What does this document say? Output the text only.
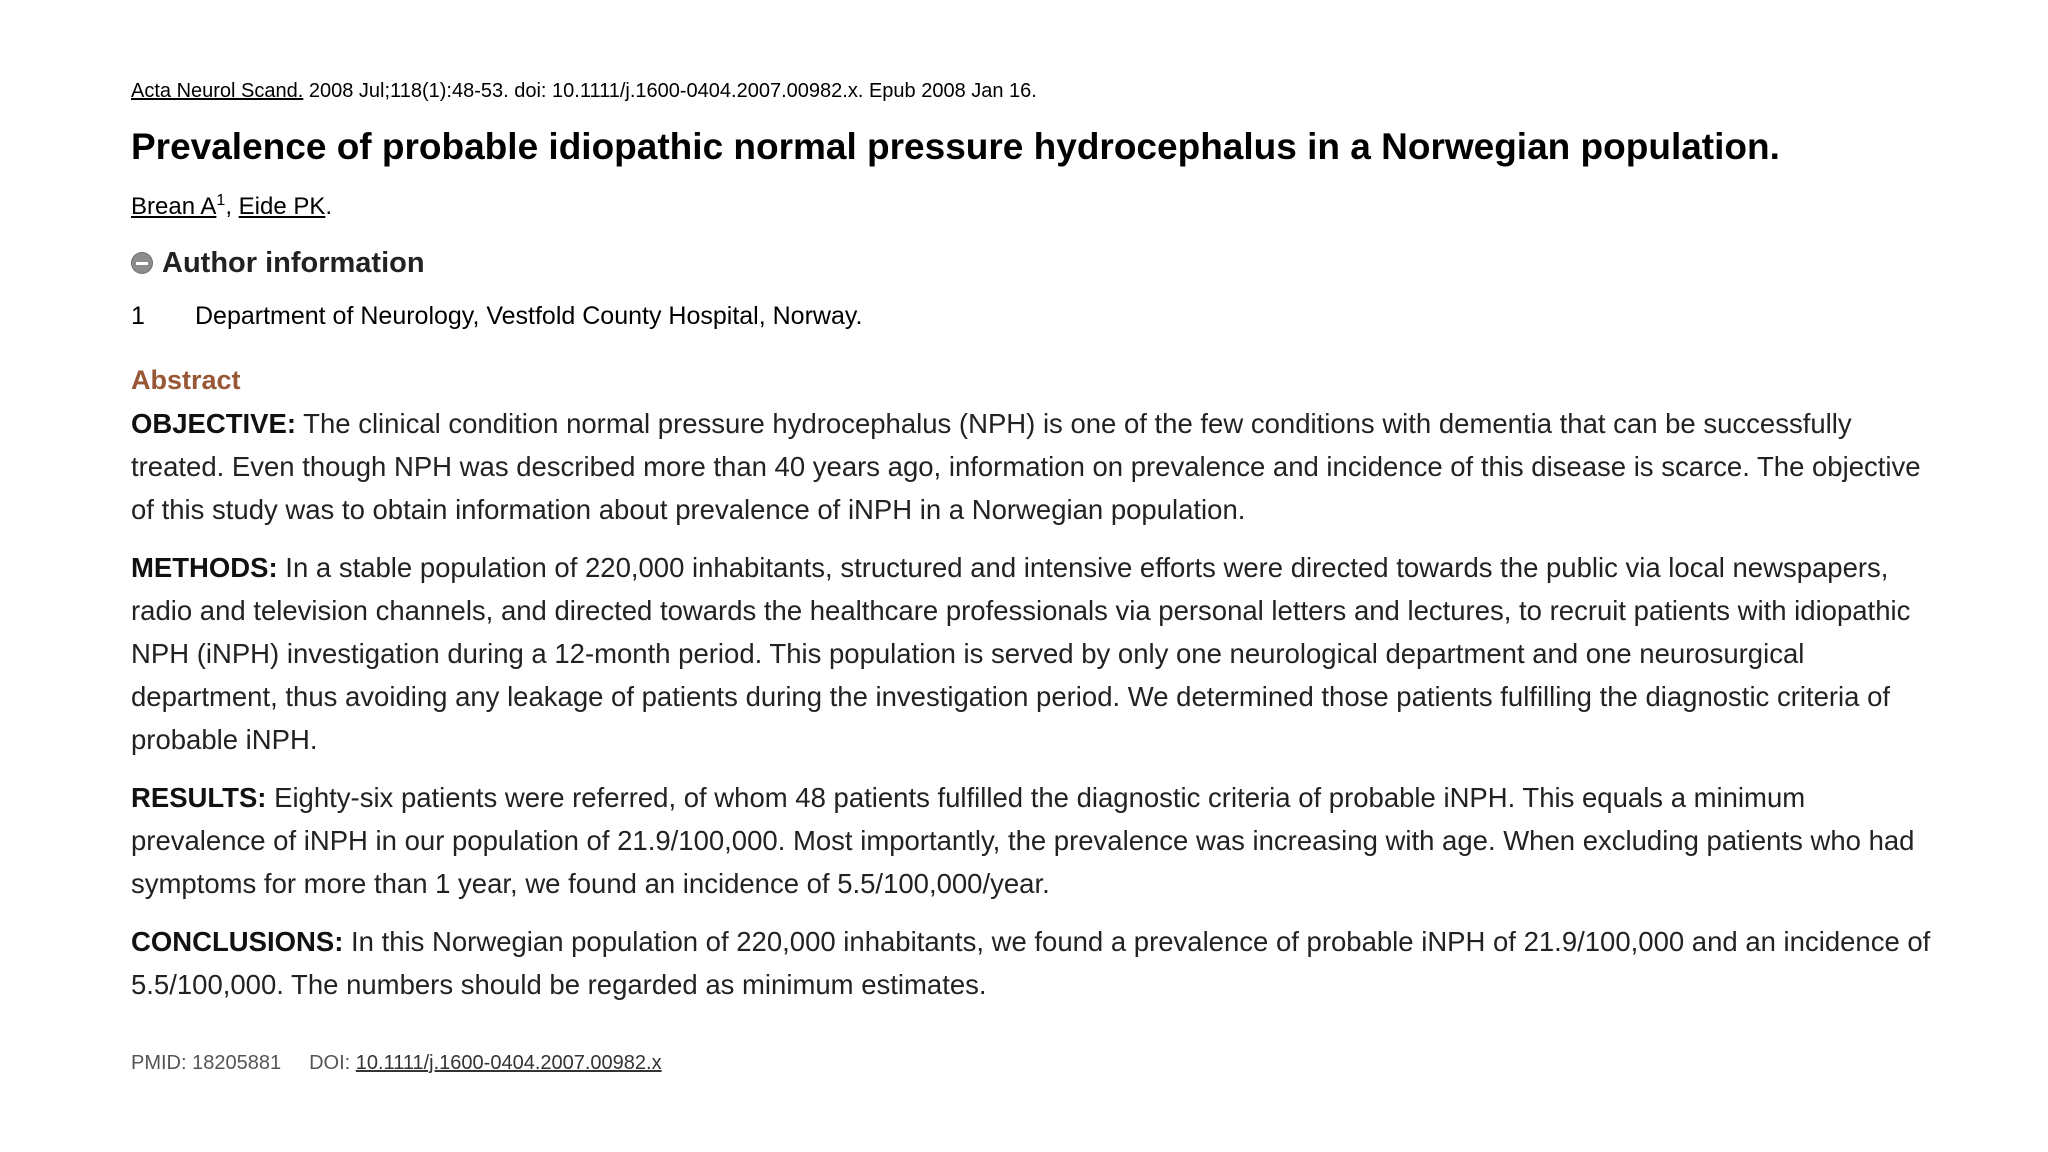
Acta Neurol Scand. 2008 Jul;118(1):48-53. doi: 10.1111/j.1600-0404.2007.00982.x. Epub 2008 Jan 16.

Prevalence of probable idiopathic normal pressure hydrocephalus in a Norwegian population.

Brean $A^1$, Eide PK.

Author information
1	Department of Neurology, Vestfold County Hospital, Norway.
Abstract

OBJECTIVE: The clinical condition normal pressure hydrocephalus (NPH) is one of the few conditions with dementia that can be successfully treated. Even though NPH was described more than 40 years ago, information on prevalence and incidence of this disease is scarce. The objective of this study was to obtain information about prevalence of iNPH in a Norwegian population.

METHODS: In a stable population of 220,000 inhabitants, structured and intensive efforts were directed towards the public via local newspapers, radio and television channels, and directed towards the healthcare professionals via personal letters and lectures, to recruit patients with idiopathic NPH (iNPH) investigation during a 12-month period. This population is served by only one neurological department and one neurosurgical department, thus avoiding any leakage of patients during the investigation period. We determined those patients fulfilling the diagnostic criteria of probable iNPH.

RESULTS: Eighty-six patients were referred, of whom 48 patients fulfilled the diagnostic criteria of probable iNPH. This equals a minimum prevalence of iNPH in our population of 21.9/100,000. Most importantly, the prevalence was increasing with age. When excluding patients who had symptoms for more than 1 year, we found an incidence of 5.5/100,000/year.

CONCLUSIONS: In this Norwegian population of 220,000 inhabitants, we found a prevalence of probable iNPH of 21.9/100,000 and an incidence of 5.5/100,000. The numbers should be regarded as minimum estimates.

PMID: 18205881 DOI: 10.1111/j.1600-0404.2007.00982.x
